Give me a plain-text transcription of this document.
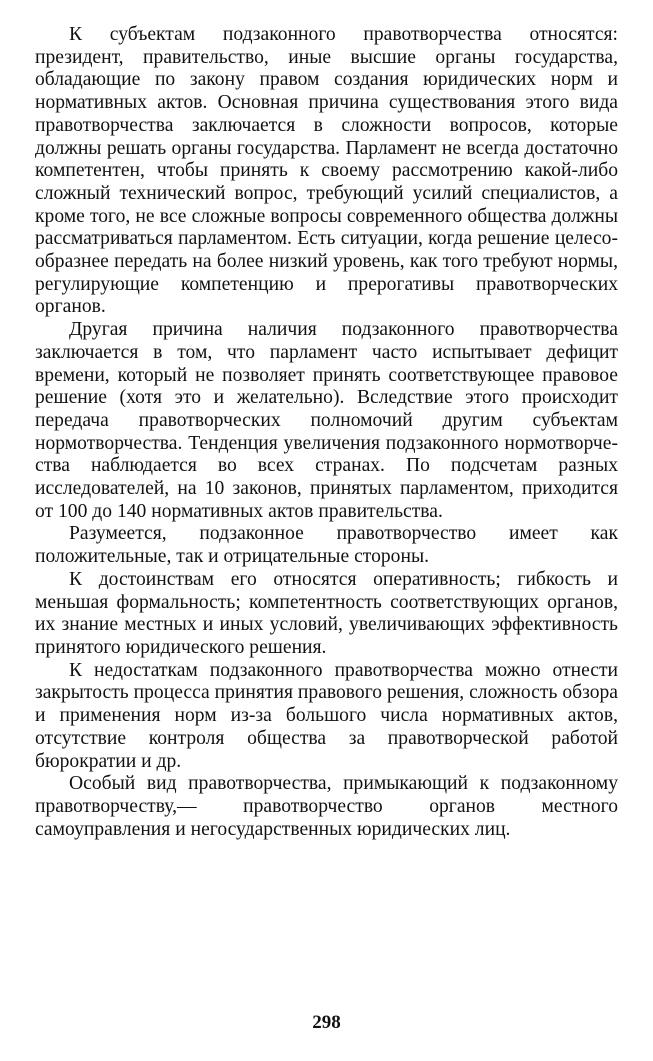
К субъектам подзаконного правотворчества относятся: президент, правительство, иные высшие органы государства, обладающие по закону правом создания юридических норм и нормативных актов. Основная причина существования этого вида правотворчества заключается в сложности вопросов, которые должны решать органы государства. Парламент не всегда достаточно компетентен, чтобы принять к своему рассмотрению какой-либо сложный технический вопрос, требующий усилий специалистов, а кроме того, не все сложные вопросы современного общества должны рассматриваться парламентом. Есть ситуации, когда решение целесообразнее передать на более низкий уровень, как того требуют нормы, регулирующие компетенцию и прерогативы правотворческих органов.

Другая причина наличия подзаконного правотворчества заключается в том, что парламент часто испытывает дефицит времени, который не позволяет принять соответствующее правовое решение (хотя это и желательно). Вследствие этого происходит передача правотворческих полномочий другим субъектам нормотворчества. Тенденция увеличения подзаконного нормотворчества наблюдается во всех странах. По подсчетам разных исследователей, на 10 законов, принятых парламентом, приходится от 100 до 140 нормативных актов правительства.

Разумеется, подзаконное правотворчество имеет как положительные, так и отрицательные стороны.

К достоинствам его относятся оперативность; гибкость и меньшая формальность; компетентность соответствующих органов, их знание местных и иных условий, увеличивающих эффективность принятого юридического решения.

К недостаткам подзаконного правотворчества можно отнести закрытость процесса принятия правового решения, сложность обзора и применения норм из-за большого числа нормативных актов, отсутствие контроля общества за правотворческой работой бюрократии и др.

Особый вид правотворчества, примыкающий к подзаконному правотворчеству,— правотворчество органов местного самоуправления и негосударственных юридических лиц.

298
